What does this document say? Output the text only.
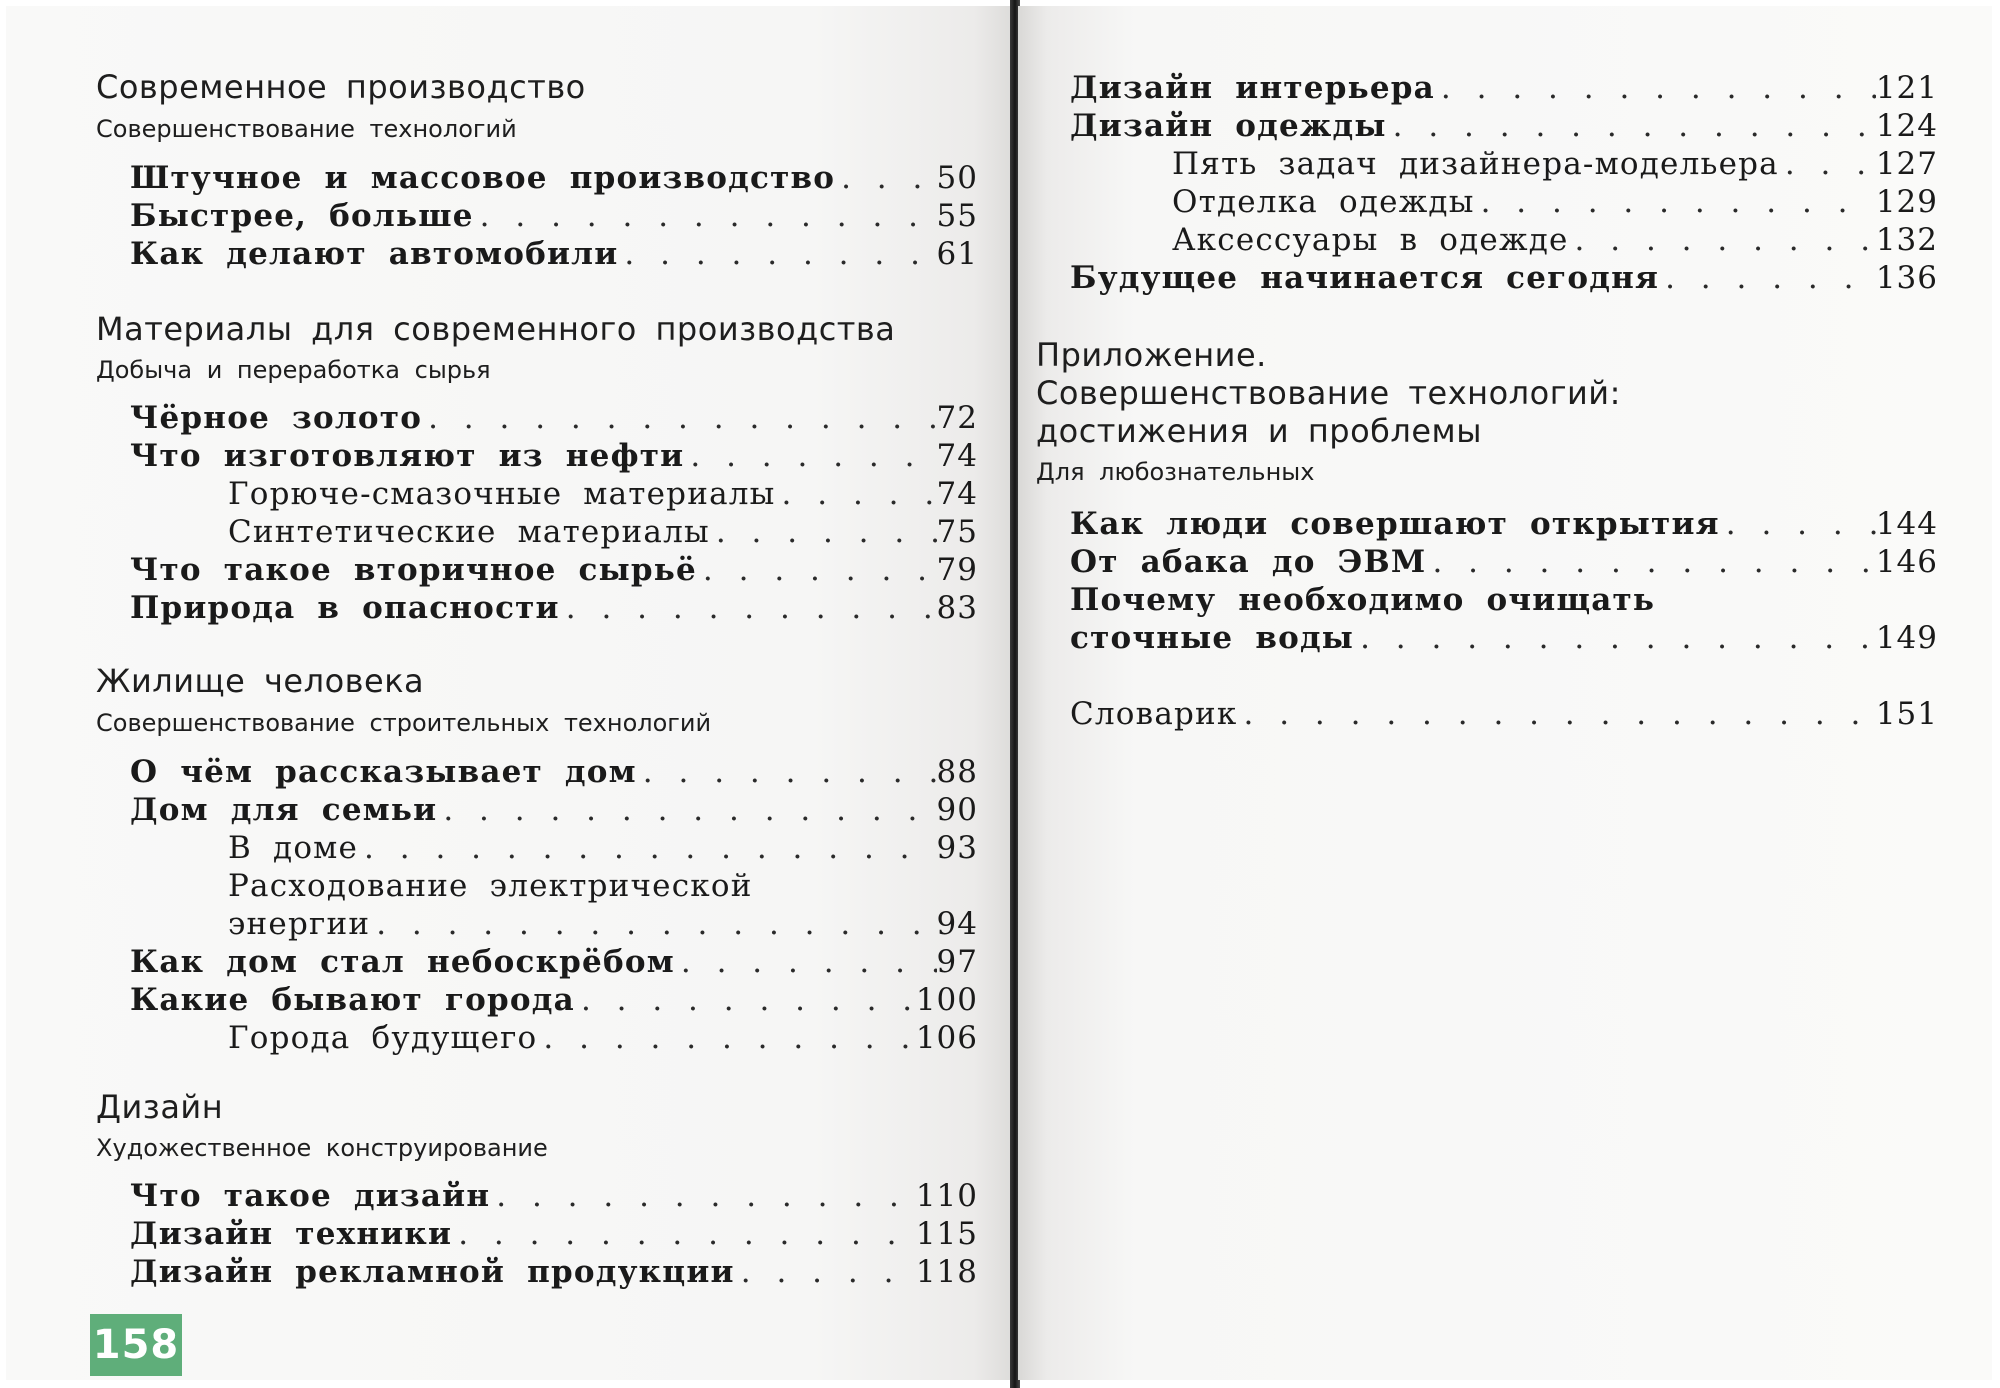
Современное производство
Совершенствование технологий
Штучное и массовое производство . . .	50
Быстрее, больше . . .	55
Как делают автомобили . . .	61
Материалы для современного производства
Добыча и переработка сырья
Чёрное золото . . .	72
Что изготовляют из нефти . . .	74
Горюче-смазочные материалы . . .	74
Синтетические материалы . . .	75
Что такое вторичное сырьё . . .	79
Природа в опасности . . .	83
Жилище человека
Совершенствование строительных технологий
О чём рассказывает дом . . .	88
Дом для семьи . . .	90
В доме . . .	93
Расходование электрической
энергии . . .	94
Как дом стал небоскрёбом . . .	97
Какие бывают города . . .	100
Города будущего . . .	106
Дизайн
Художественное конструирование
Что такое дизайн . . .	110
Дизайн техники . . .	115
Дизайн рекламной продукции . . .	118
Дизайн интерьера . . .	121
Дизайн одежды . . .	124
Пять задач дизайнера-модельера . . .	127
Отделка одежды . . .	129
Аксессуары в одежде . . .	132
Будущее начинается сегодня . . .	136
Приложение.
Совершенствование технологий:
достижения и проблемы
Для любознательных
Как люди совершают открытия . . .	144
От абака до ЭВМ . . .	146
Почему необходимо очищать
сточные воды . . .	149
Словарик . . .	151
158
